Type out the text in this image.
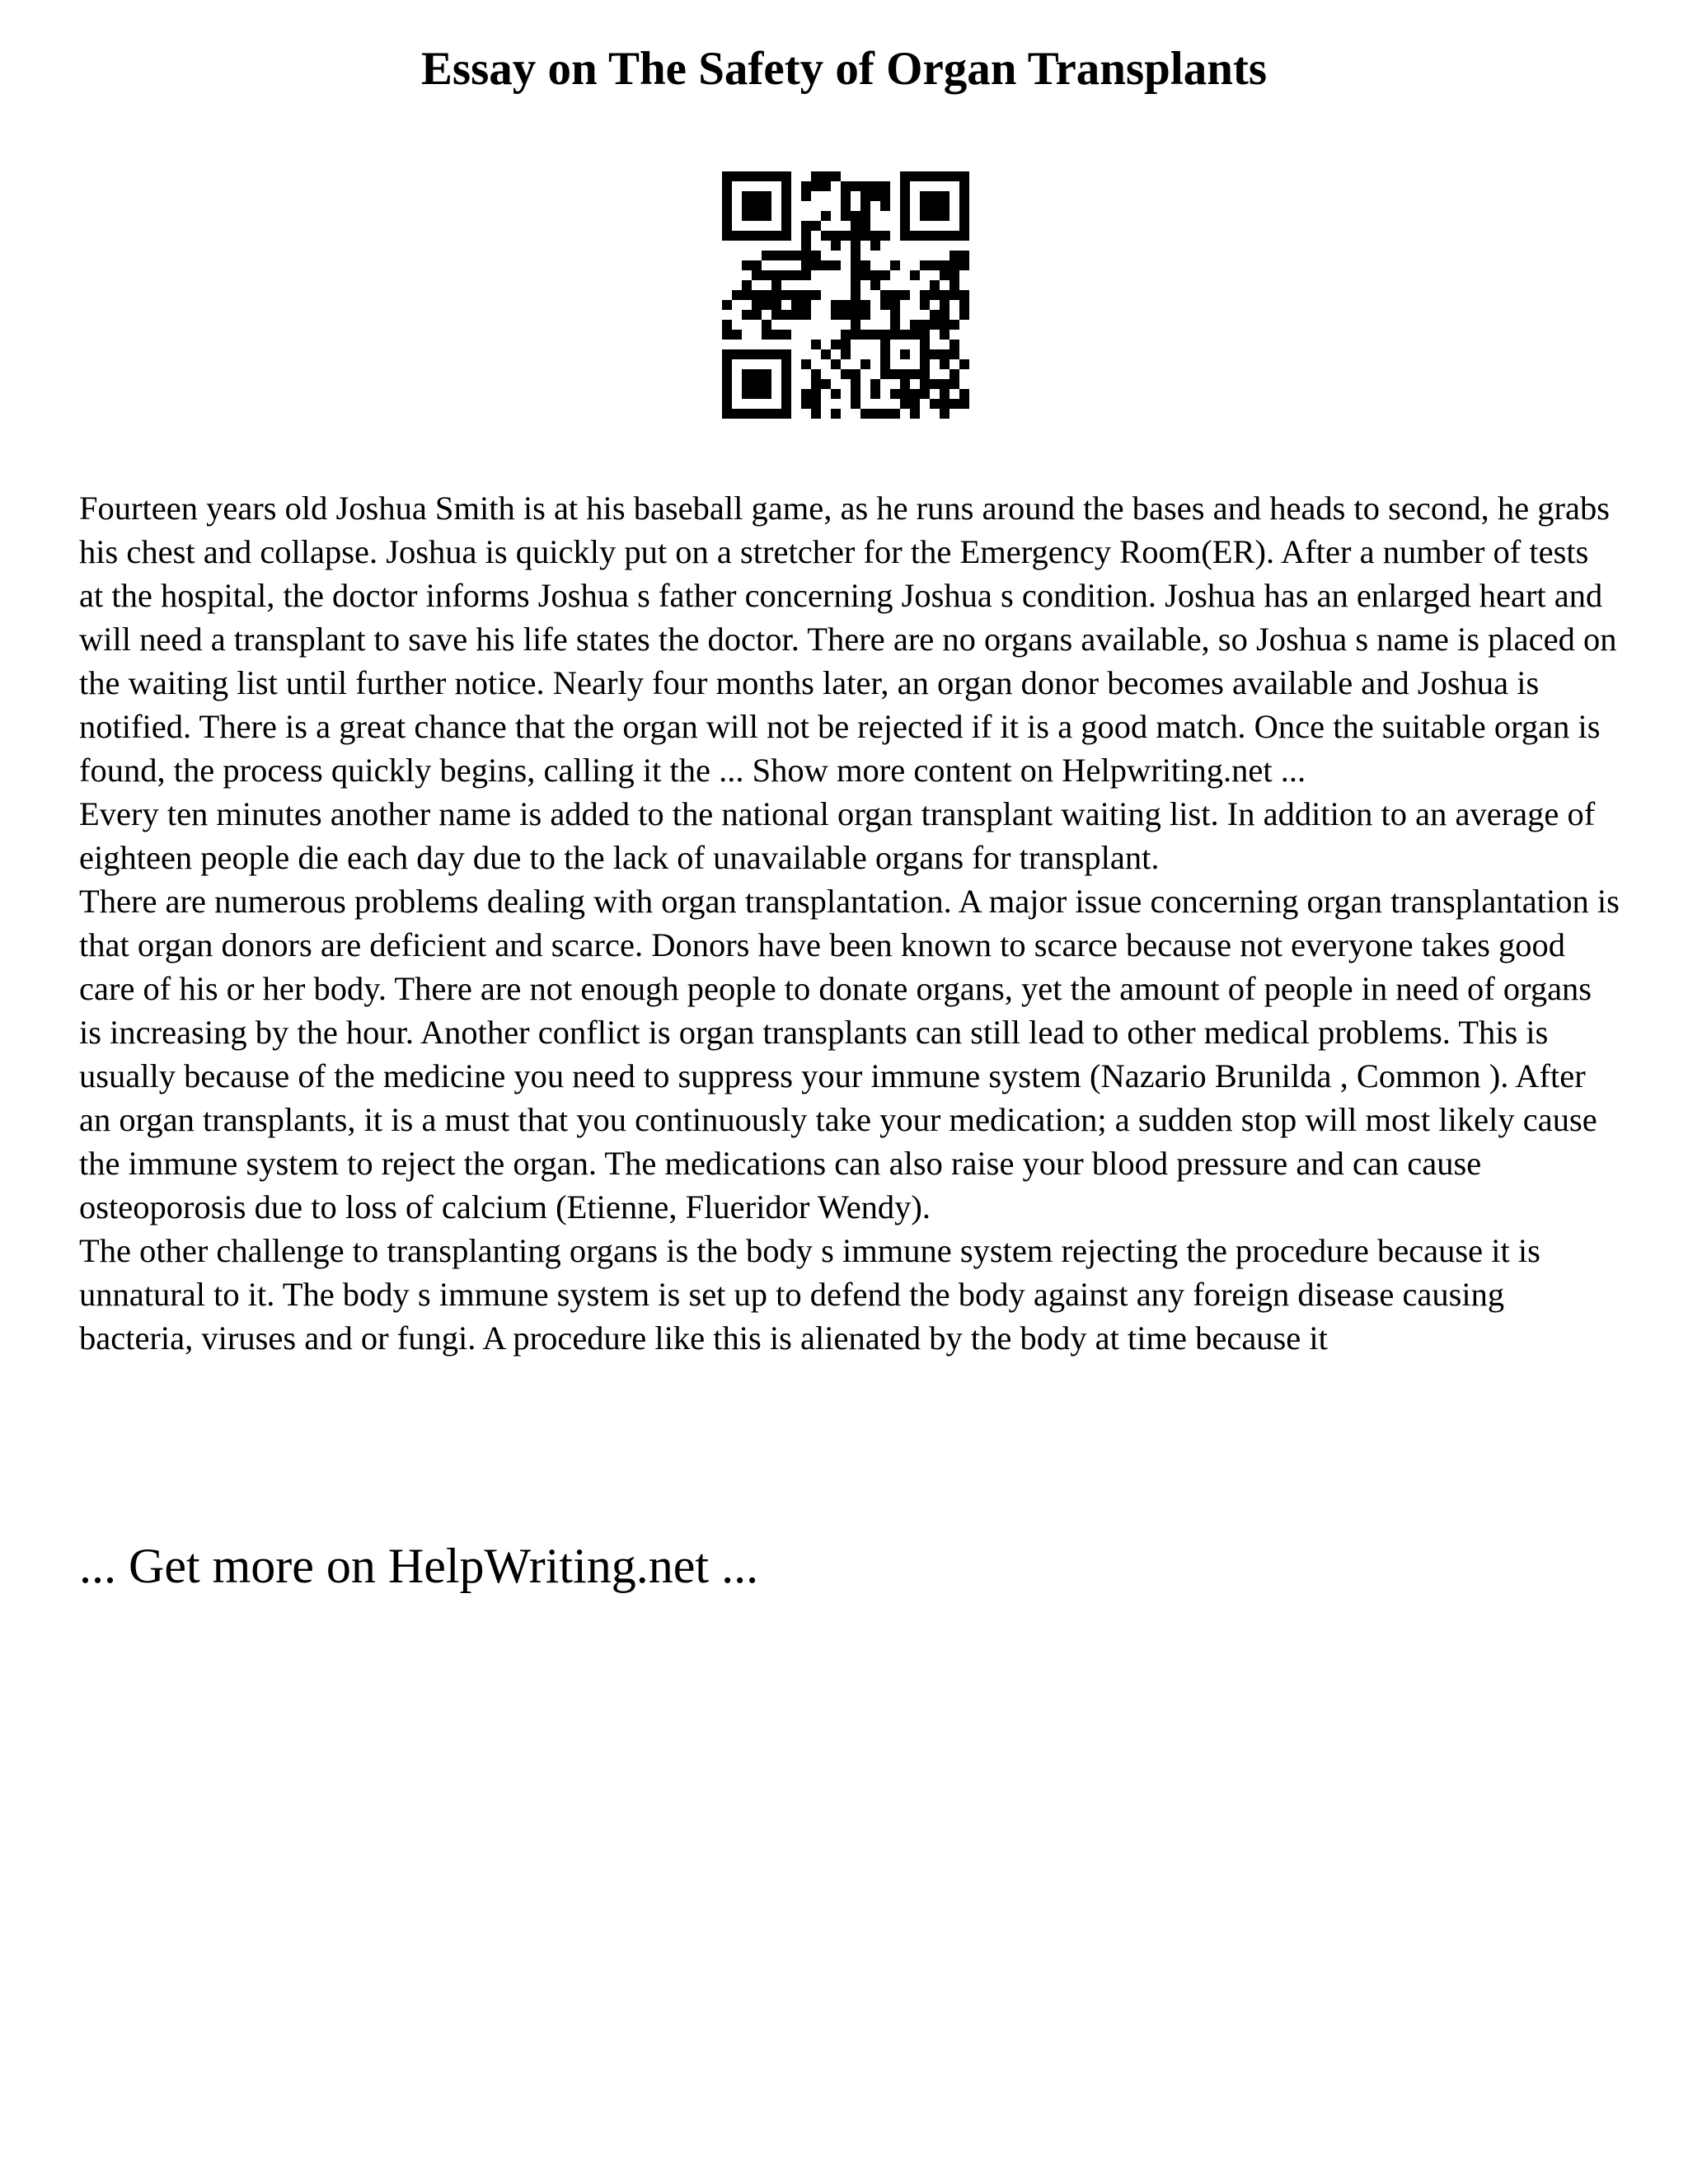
Essay on The Safety of Organ Transplants

Fourteen years old Joshua Smith is at his baseball game, as he runs around the bases and heads to second, he grabs his chest and collapse. Joshua is quickly put on a stretcher for the Emergency Room(ER). After a number of tests at the hospital, the doctor informs Joshua s father concerning Joshua s condition. Joshua has an enlarged heart and will need a transplant to save his life states the doctor. There are no organs available, so Joshua s name is placed on the waiting list until further notice. Nearly four months later, an organ donor becomes available and Joshua is notified. There is a great chance that the organ will not be rejected if it is a good match. Once the suitable organ is found, the process quickly begins, calling it the ... Show more content on Helpwriting.net ...

Every ten minutes another name is added to the national organ transplant waiting list. In addition to an average of eighteen people die each day due to the lack of unavailable organs for transplant.

There are numerous problems dealing with organ transplantation. A major issue concerning organ transplantation is that organ donors are deficient and scarce. Donors have been known to scarce because not everyone takes good care of his or her body. There are not enough people to donate organs, yet the amount of people in need of organs is increasing by the hour. Another conflict is organ transplants can still lead to other medical problems. This is usually because of the medicine you need to suppress your immune system (Nazario Brunilda , Common ). After an organ transplants, it is a must that you continuously take your medication; a sudden stop will most likely cause the immune system to reject the organ. The medications can also raise your blood pressure and can cause osteoporosis due to loss of calcium (Etienne, Flueridor Wendy).

The other challenge to transplanting organs is the body s immune system rejecting the procedure because it is unnatural to it. The body s immune system is set up to defend the body against any foreign disease causing bacteria, viruses and or fungi. A procedure like this is alienated by the body at time because it

... Get more on HelpWriting.net ...
